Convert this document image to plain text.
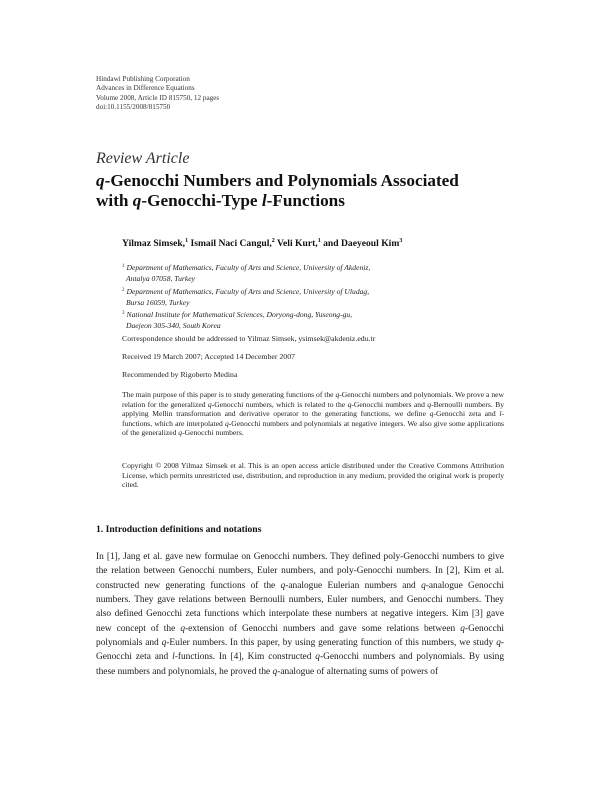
Hindawi Publishing Corporation
Advances in Difference Equations
Volume 2008, Article ID 815750, 12 pages
doi:10.1155/2008/815750
Review Article
q-Genocchi Numbers and Polynomials Associated
with q-Genocchi-Type l-Functions
Yilmaz Simsek,$^1$ Ismail Naci Cangul,$^2$ Veli Kurt,$^1$ and Daeyeoul Kim$^3$
$^1$ Department of Mathematics, Faculty of Arts and Science, University of Akdeniz,
Antalya 07058, Turkey
$^2$ Department of Mathematics, Faculty of Arts and Science, University of Uludag,
Bursa 16059, Turkey
$^3$ National Institute for Mathematical Sciences, Doryong-dong, Yuseong-gu,
Daejeon 305-340, South Korea
Correspondence should be addressed to Yilmaz Simsek, ysimsek@akdeniz.edu.tr
Received 19 March 2007; Accepted 14 December 2007
Recommended by Rigoberto Medina
The main purpose of this paper is to study generating functions of the q-Genocchi numbers and polynomials. We prove a new relation for the generalized q-Genocchi numbers, which is related to the q-Genocchi numbers and q-Bernoulli numbers. By applying Mellin transformation and derivative operator to the generating functions, we define q-Genocchi zeta and l-functions, which are interpolated q-Genocchi numbers and polynomials at negative integers. We also give some applications of the generalized q-Genocchi numbers.
Copyright © 2008 Yilmaz Simsek et al. This is an open access article distributed under the Creative Commons Attribution License, which permits unrestricted use, distribution, and reproduction in any medium, provided the original work is properly cited.
1. Introduction definitions and notations
In [1], Jang et al. gave new formulae on Genocchi numbers. They defined poly-Genocchi numbers to give the relation between Genocchi numbers, Euler numbers, and poly-Genocchi numbers. In [2], Kim et al. constructed new generating functions of the q-analogue Eulerian numbers and q-analogue Genocchi numbers. They gave relations between Bernoulli numbers, Euler numbers, and Genocchi numbers. They also defined Genocchi zeta functions which interpolate these numbers at negative integers. Kim [3] gave new concept of the q-extension of Genocchi numbers and gave some relations between q-Genocchi polynomials and q-Euler numbers. In this paper, by using generating function of this numbers, we study q-Genocchi zeta and l-functions. In [4], Kim constructed q-Genocchi numbers and polynomials. By using these numbers and polynomials, he proved the q-analogue of alternating sums of powers of
